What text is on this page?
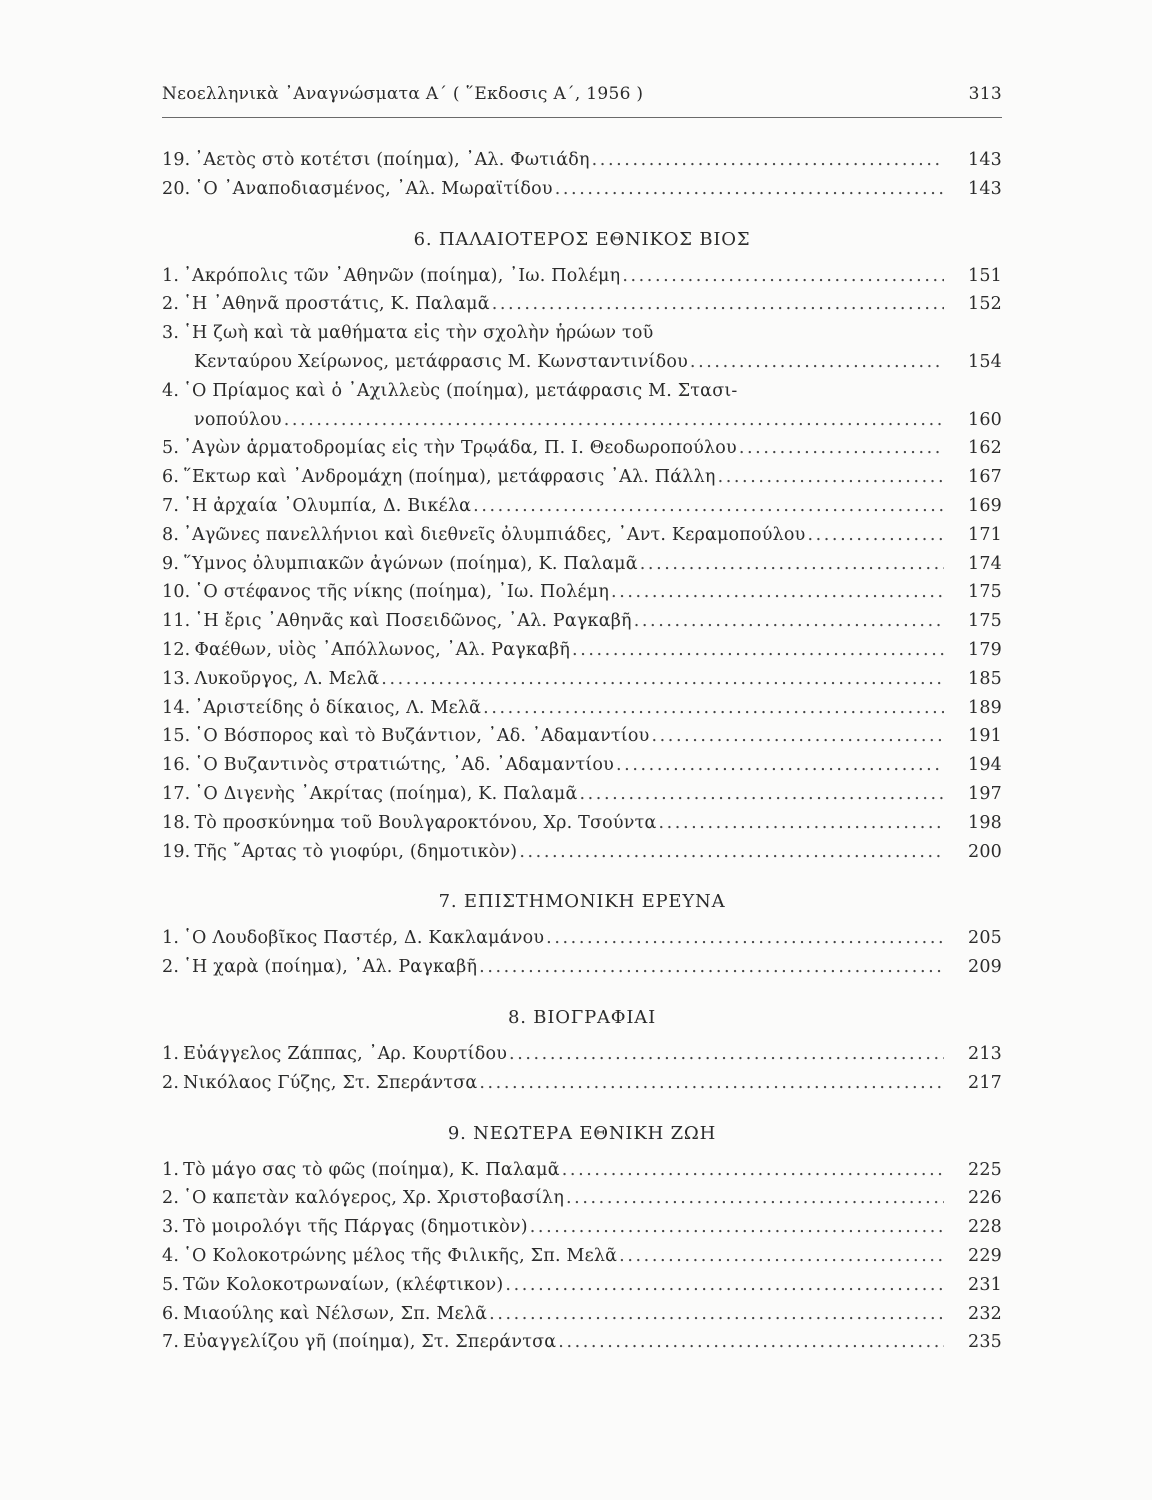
Νεοελληνικὰ ᾿Αναγνώσματα Α΄ ( ῞Εκδοσις Α΄, 1956 )	313
19. ᾿Αετὸς στὸ κοτέτσι (ποίημα), ᾿Αλ. Φωτιάδη .....	143
20. ῾Ο ᾿Αναποδιασμένος, ᾿Αλ. Μωραϊτίδου .....	143
6. ΠΑΛΑΙΟΤΕΡΟΣ ΕΘΝΙΚΟΣ ΒΙΟΣ
1. ᾿Ακρόπολις τῶν ᾿Αθηνῶν (ποίημα), ᾿Ιω. Πολέμη .....	151
2. ῾Η ᾿Αθηνᾶ προστάτις, Κ. Παλαμᾶ .....	152
3. ῾Η ζωὴ καὶ τὰ μαθήματα εἰς τὴν σχολὴν ἡρώων τοῦ
Κενταύρου Χείρωνος, μετάφρασις Μ. Κωνσταντινίδου .....	154
4. ῾Ο Πρίαμος καὶ ὁ ᾿Αχιλλεὺς (ποίημα), μετάφρασις Μ. Στασι-
νοπούλου .....	160
5. ᾿Αγὼν ἁρματοδρομίας εἰς τὴν Τρῳάδα, Π. Ι. Θεοδωροπούλου .....	162
6. ῞Εκτωρ καὶ ᾿Ανδρομάχη (ποίημα), μετάφρασις ᾿Αλ. Πάλλη .....	167
7. ῾Η ἀρχαία ᾿Ολυμπία, Δ. Βικέλα .....	169
8. ᾿Αγῶνες πανελλήνιοι καὶ διεθνεῖς ὀλυμπιάδες, ᾿Αντ. Κεραμοπούλου .....	171
9. ῞Υμνος ὀλυμπιακῶν ἀγώνων (ποίημα), Κ. Παλαμᾶ .....	174
10. ῾Ο στέφανος τῆς νίκης (ποίημα), ᾿Ιω. Πολέμη .....	175
11. ῾Η ἔρις ᾿Αθηνᾶς καὶ Ποσειδῶνος, ᾿Αλ. Ραγκαβῆ .....	175
12. Φαέθων, υἱὸς ᾿Απόλλωνος, ᾿Αλ. Ραγκαβῆ .....	179
13. Λυκοῦργος, Λ. Μελᾶ .....	185
14. ᾿Αριστείδης ὁ δίκαιος, Λ. Μελᾶ .....	189
15. ῾Ο Βόσπορος καὶ τὸ Βυζάντιον, ᾿Αδ. ᾿Αδαμαντίου .....	191
16. ῾Ο Βυζαντινὸς στρατιώτης, ᾿Αδ. ᾿Αδαμαντίου .....	194
17. ῾Ο Διγενὴς ᾿Ακρίτας (ποίημα), Κ. Παλαμᾶ .....	197
18. Τὸ προσκύνημα τοῦ Βουλγαροκτόνου, Χρ. Τσούντα .....	198
19. Τῆς ῎Αρτας τὸ γιοφύρι, (δημοτικὸν) .....	200
7. ΕΠΙΣΤΗΜΟΝΙΚΗ ΕΡΕΥΝΑ
1. ῾Ο Λουδοβῖκος Παστέρ, Δ. Κακλαμάνου .....	205
2. ῾Η χαρὰ (ποίημα), ᾿Αλ. Ραγκαβῆ .....	209
8. ΒΙΟΓΡΑΦΙΑΙ
1. Εὐάγγελος Ζάππας, ᾿Αρ. Κουρτίδου .....	213
2. Νικόλαος Γύζης, Στ. Σπεράντσα .....	217
9. ΝΕΩΤΕΡΑ ΕΘΝΙΚΗ ΖΩΗ
1. Τὸ μάγο σας τὸ φῶς (ποίημα), Κ. Παλαμᾶ .....	225
2. ῾Ο καπετὰν καλόγερος, Χρ. Χριστοβασίλη .....	226
3. Τὸ μοιρολόγι τῆς Πάργας (δημοτικὸν) .....	228
4. ῾Ο Κολοκοτρώνης μέλος τῆς Φιλικῆς, Σπ. Μελᾶ .....	229
5. Τῶν Κολοκοτρωναίων, (κλέφτικον) .....	231
6. Μιαούλης καὶ Νέλσων, Σπ. Μελᾶ .....	232
7. Εὐαγγελίζου γῆ (ποίημα), Στ. Σπεράντσα .....	235
